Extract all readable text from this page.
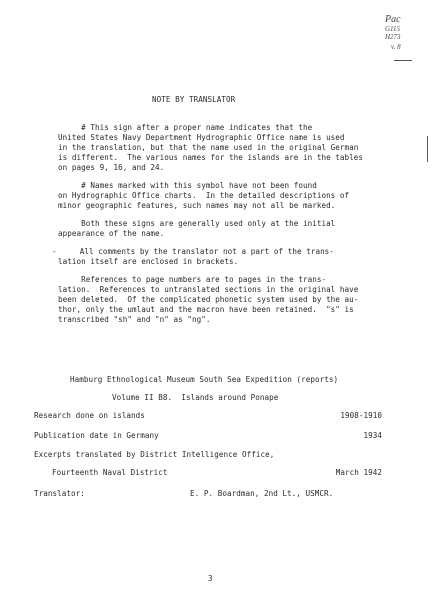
Pac
G115
H273
v. 8
NOTE BY TRANSLATOR
# This sign after a proper name indicates that the
United States Navy Department Hydrographic Office name is used
in the translation, but that the name used in the original German
is different.  The various names for the islands are in the tables
on pages 9, 16, and 24.
# Names marked with this symbol have not been found
on Hydrographic Office charts.  In the detailed descriptions of
minor geographic features, such names may not all be marked.
Both these signs are generally used only at the initial
appearance of the name.
-     All comments by the translator not a part of the trans-
lation itself are enclosed in brackets.
References to page numbers are to pages in the trans-
lation.  References to untranslated sections in the original have
been deleted.  Of the complicated phonetic system used by the au-
thor, only the umlaut and the macron have been retained.  "s" is
transcribed "sh" and "n" as "ng".
Hamburg Ethnological Museum South Sea Expedition (reports)
Volume II B8.  Islands around Ponape
Research done on islands	1908-1910
Publication date in Germany	1934
Excerpts translated by District Intelligence Office,
Fourteenth Naval District	March 1942
Translator:	E. P. Boardman, 2nd Lt., USMCR.
3
